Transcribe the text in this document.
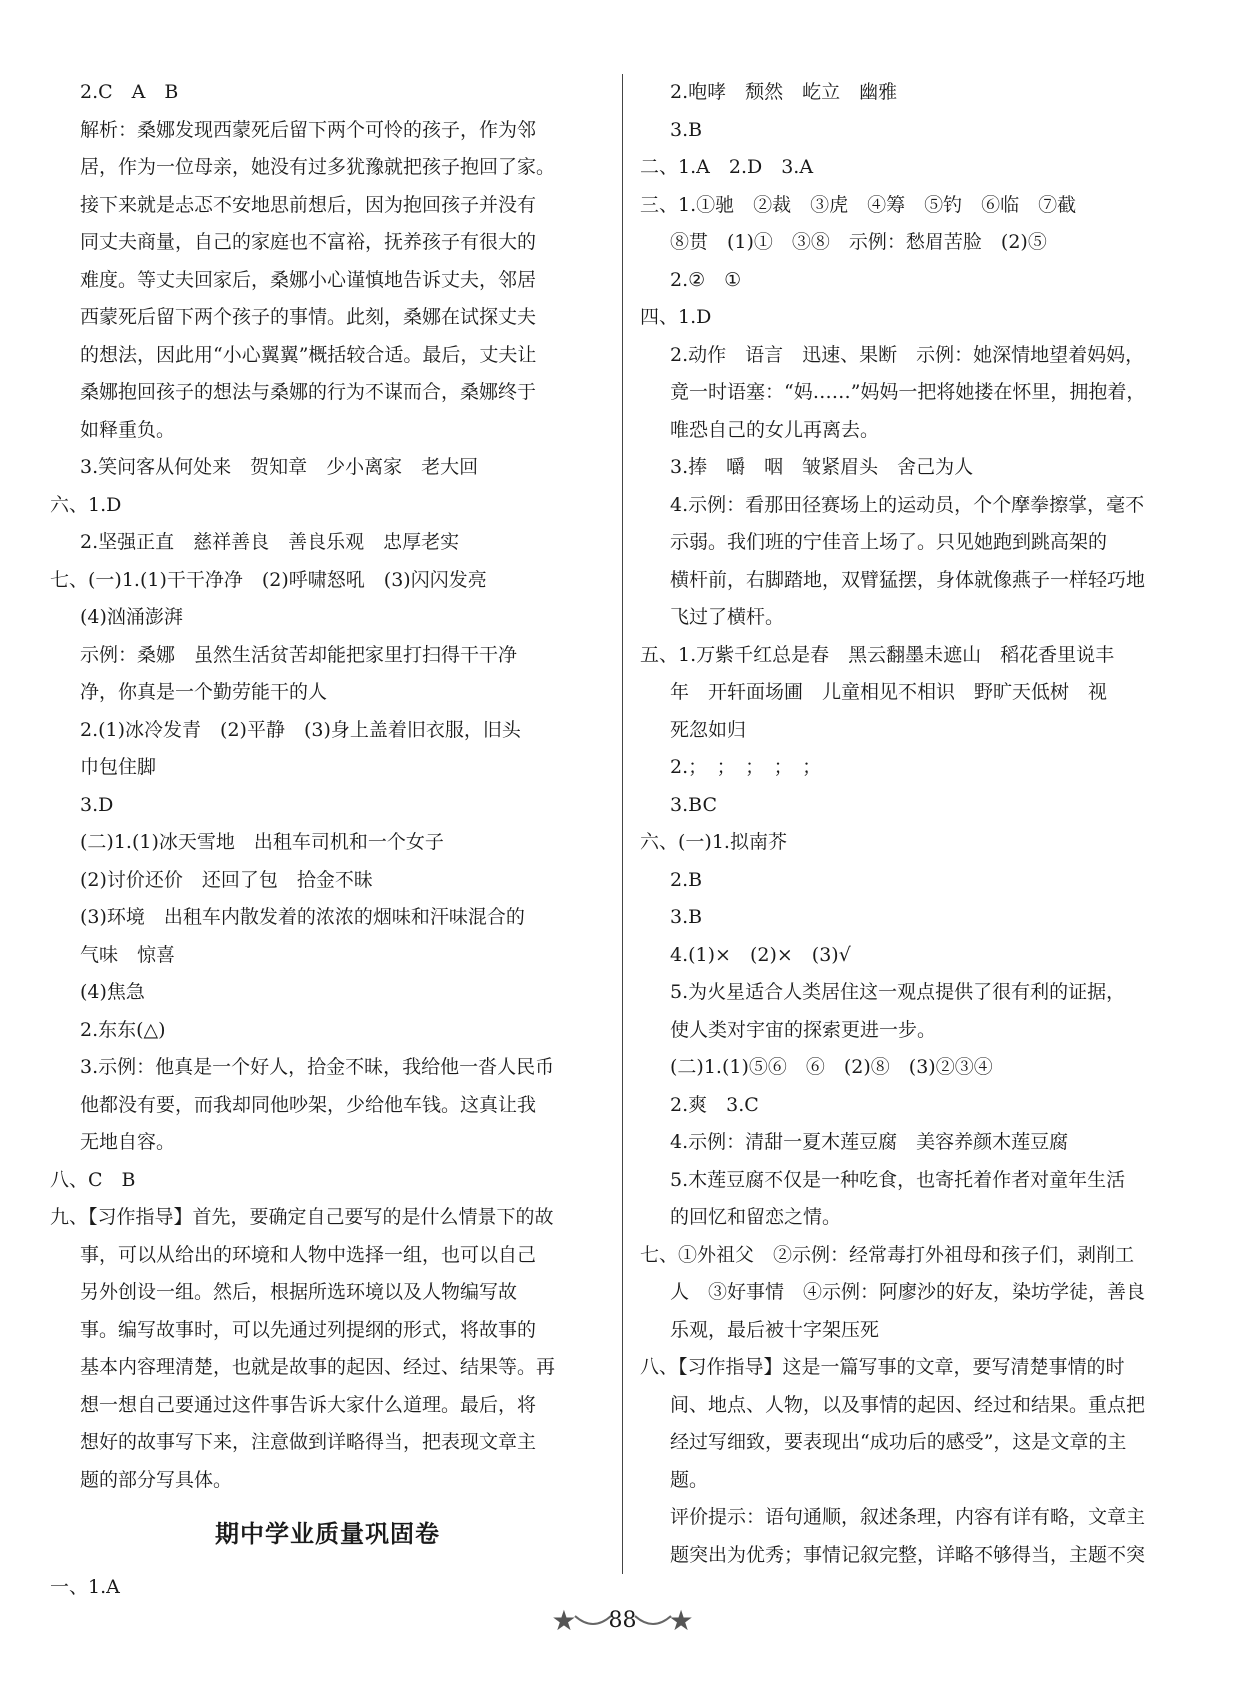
2.C　A　B
解析：桑娜发现西蒙死后留下两个可怜的孩子，作为邻
居，作为一位母亲，她没有过多犹豫就把孩子抱回了家。
接下来就是忐忑不安地思前想后，因为抱回孩子并没有
同丈夫商量，自己的家庭也不富裕，抚养孩子有很大的
难度。等丈夫回家后，桑娜小心谨慎地告诉丈夫，邻居
西蒙死后留下两个孩子的事情。此刻，桑娜在试探丈夫
的想法，因此用“小心翼翼”概括较合适。最后，丈夫让
桑娜抱回孩子的想法与桑娜的行为不谋而合，桑娜终于
如释重负。
3.笑问客从何处来　贺知章　少小离家　老大回
六、1.D
2.坚强正直　慈祥善良　善良乐观　忠厚老实
七、(一)1.(1)干干净净　(2)呼啸怒吼　(3)闪闪发亮
(4)汹涌澎湃
示例：桑娜　虽然生活贫苦却能把家里打扫得干干净
净，你真是一个勤劳能干的人
2.(1)冰冷发青　(2)平静　(3)身上盖着旧衣服，旧头
巾包住脚
3.D
(二)1.(1)冰天雪地　出租车司机和一个女子
(2)讨价还价　还回了包　拾金不昧
(3)环境　出租车内散发着的浓浓的烟味和汗味混合的
气味　惊喜
(4)焦急
2.东东(△)
3.示例：他真是一个好人，拾金不昧，我给他一沓人民币
他都没有要，而我却同他吵架，少给他车钱。这真让我
无地自容。
八、C　B
九、【习作指导】首先，要确定自己要写的是什么情景下的故
事，可以从给出的环境和人物中选择一组，也可以自己
另外创设一组。然后，根据所选环境以及人物编写故
事。编写故事时，可以先通过列提纲的形式，将故事的
基本内容理清楚，也就是故事的起因、经过、结果等。再
想一想自己要通过这件事告诉大家什么道理。最后，将
想好的故事写下来，注意做到详略得当，把表现文章主
题的部分写具体。
期中学业质量巩固卷
一、1.A
2.咆哮　颓然　屹立　幽雅
3.B
二、1.A　2.D　3.A
三、1.①驰　②裁　③虎　④筹　⑤钓　⑥临　⑦截
⑧贯　(1)①　③⑧　示例：愁眉苦脸　(2)⑤
2.②　①
四、1.D
2.动作　语言　迅速、果断　示例：她深情地望着妈妈，
竟一时语塞：“妈……”妈妈一把将她搂在怀里，拥抱着，
唯恐自己的女儿再离去。
3.捧　嚼　咽　皱紧眉头　舍己为人
4.示例：看那田径赛场上的运动员，个个摩拳擦掌，毫不
示弱。我们班的宁佳音上场了。只见她跑到跳高架的
横杆前，右脚踏地，双臂猛摆，身体就像燕子一样轻巧地
飞过了横杆。
五、1.万紫千红总是春　黑云翻墨未遮山　稻花香里说丰
年　开轩面场圃　儿童相见不相识　野旷天低树　视
死忽如归
2.；　；　；　；　；
3.BC
六、(一)1.拟南芥
2.B
3.B
4.(1)×　(2)×　(3)√
5.为火星适合人类居住这一观点提供了很有利的证据，
使人类对宇宙的探索更进一步。
(二)1.(1)⑤⑥　⑥　(2)⑧　(3)②③④
2.爽　3.C
4.示例：清甜一夏木莲豆腐　美容养颜木莲豆腐
5.木莲豆腐不仅是一种吃食，也寄托着作者对童年生活
的回忆和留恋之情。
七、①外祖父　②示例：经常毒打外祖母和孩子们，剥削工
人　③好事情　④示例：阿廖沙的好友，染坊学徒，善良
乐观，最后被十字架压死
八、【习作指导】这是一篇写事的文章，要写清楚事情的时
间、地点、人物，以及事情的起因、经过和结果。重点把
经过写细致，要表现出“成功后的感受”，这是文章的主
题。
评价提示：语句通顺，叙述条理，内容有详有略，文章主
题突出为优秀；事情记叙完整，详略不够得当，主题不突
★ 88 ★
